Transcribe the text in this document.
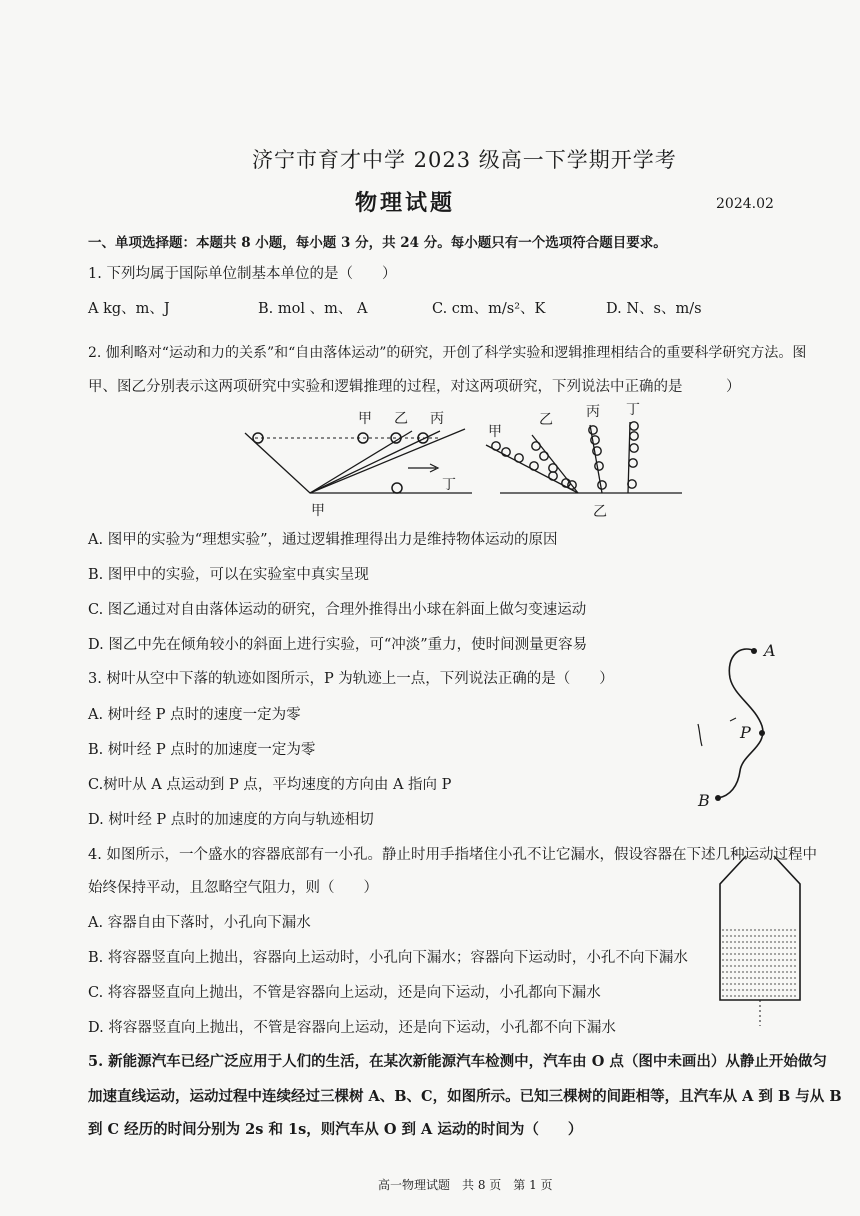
济宁市育才中学 2023 级高一下学期开学考
物理试题	2024.02
一、单项选择题：本题共 8 小题，每小题 3 分，共 24 分。每小题只有一个选项符合题目要求。
1. 下列均属于国际单位制基本单位的是（　　）
A kg、m、J	B. mol 、m、 A	C. cm、m/s²、K	D. N、s、m/s
2. 伽利略对“运动和力的关系”和“自由落体运动”的研究，开创了科学实验和逻辑推理相结合的重要科学研究方法。图
甲、图乙分别表示这两项研究中实验和逻辑推理的过程，对这两项研究，下列说法中正确的是　　　）
甲 乙 丙
丁
甲
甲
乙 丙 丁
乙
A. 图甲的实验为“理想实验”，通过逻辑推理得出力是维持物体运动的原因
B. 图甲中的实验，可以在实验室中真实呈现
C. 图乙通过对自由落体运动的研究，合理外推得出小球在斜面上做匀变速运动
D. 图乙中先在倾角较小的斜面上进行实验，可“冲淡”重力，使时间测量更容易
3. 树叶从空中下落的轨迹如图所示，P 为轨迹上一点，下列说法正确的是（　　）
A. 树叶经 P 点时的速度一定为零
B. 树叶经 P 点时的加速度一定为零
C.树叶从 A 点运动到 P 点，平均速度的方向由 A 指向 P
D. 树叶经 P 点时的加速度的方向与轨迹相切
A
P
B
4. 如图所示，一个盛水的容器底部有一小孔。静止时用手指堵住小孔不让它漏水，假设容器在下述几种运动过程中
始终保持平动，且忽略空气阻力，则（　　）
A. 容器自由下落时，小孔向下漏水
B. 将容器竖直向上抛出，容器向上运动时，小孔向下漏水；容器向下运动时，小孔不向下漏水
C. 将容器竖直向上抛出，不管是容器向上运动，还是向下运动，小孔都向下漏水
D. 将容器竖直向上抛出，不管是容器向上运动，还是向下运动，小孔都不向下漏水
5. 新能源汽车已经广泛应用于人们的生活，在某次新能源汽车检测中，汽车由 O 点（图中未画出）从静止开始做匀
加速直线运动，运动过程中连续经过三棵树 A、B、C，如图所示。已知三棵树的间距相等，且汽车从 A 到 B 与从 B
到 C 经历的时间分别为 2s 和 1s，则汽车从 O 到 A 运动的时间为（　　）
高一物理试题　共 8 页　第 1 页
